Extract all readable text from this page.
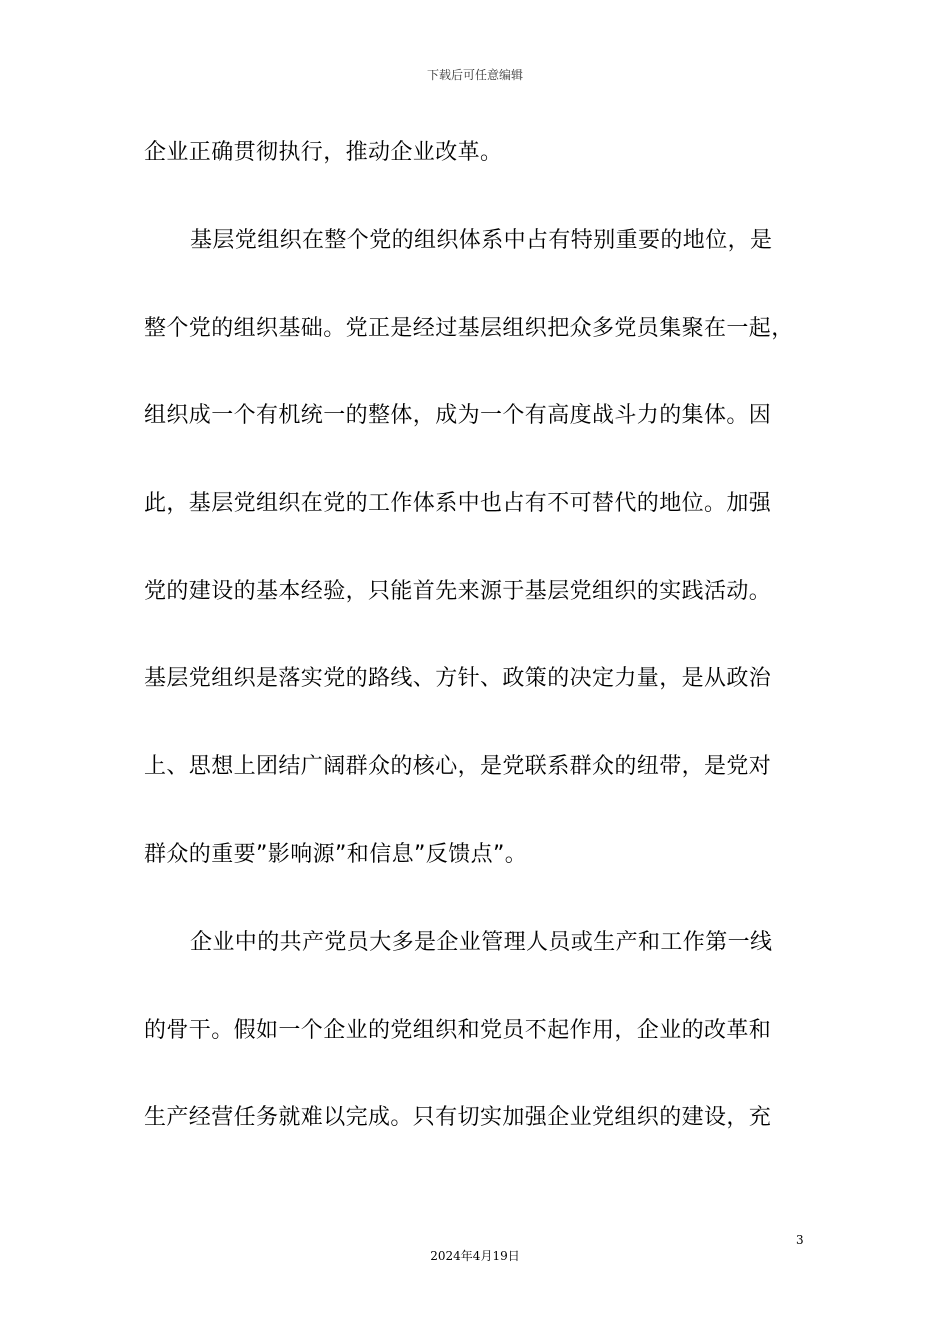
下载后可任意编辑
企业正确贯彻执行，推动企业改革。
基层党组织在整个党的组织体系中占有特别重要的地位，是
整个党的组织基础。党正是经过基层组织把众多党员集聚在一起，
组织成一个有机统一的整体，成为一个有高度战斗力的集体。因
此，基层党组织在党的工作体系中也占有不可替代的地位。加强
党的建设的基本经验，只能首先来源于基层党组织的实践活动。
基层党组织是落实党的路线、方针、政策的决定力量，是从政治
上、思想上团结广阔群众的核心，是党联系群众的纽带，是党对
群众的重要”影响源”和信息”反馈点”。
企业中的共产党员大多是企业管理人员或生产和工作第一线
的骨干。假如一个企业的党组织和党员不起作用，企业的改革和
生产经营任务就难以完成。只有切实加强企业党组织的建设，充
3
2024年4月19日
